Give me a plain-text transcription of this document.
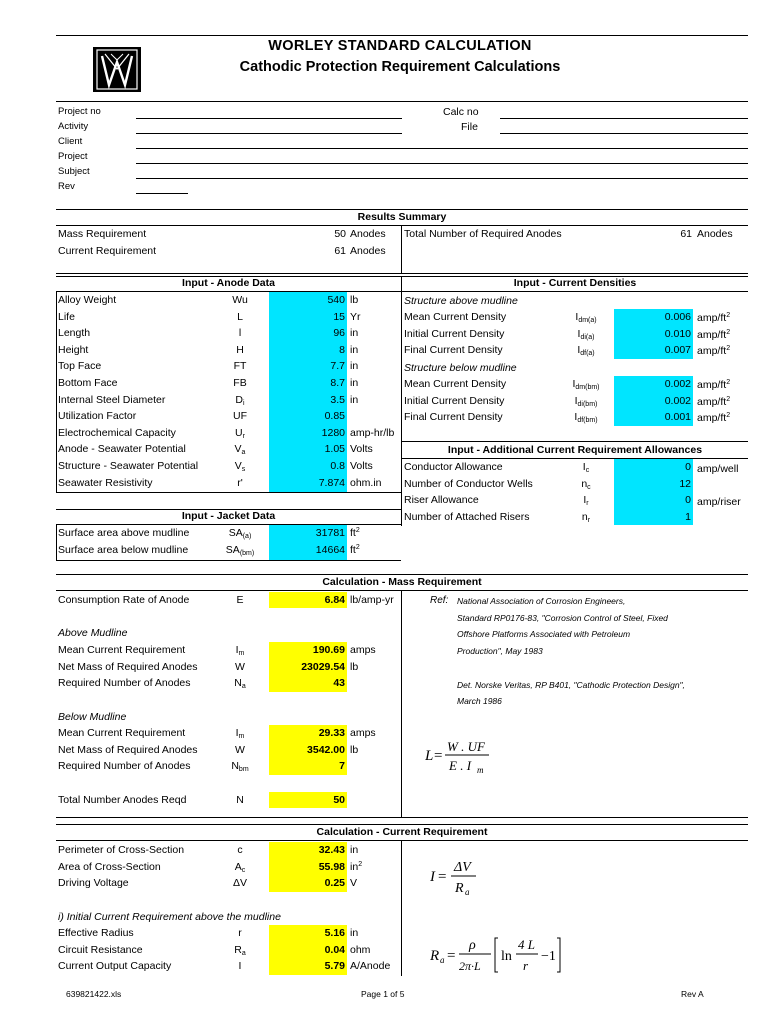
WORLEY STANDARD CALCULATION
Cathodic Protection Requirement Calculations
Project no
Activity
Client
Project
Subject
Rev
Calc no
File
Results Summary
Mass Requirement	50 Anodes
Current Requirement	61 Anodes
Total Number of Required Anodes	61 Anodes
Input - Anode Data	Input - Current Densities
Alloy Weight	Wu	540 lb
Life	L	15 Yr
Length	l	96 in
Height	H	8 in
Top Face	FT	7.7 in
Bottom Face	FB	8.7 in
Internal Steel Diameter	$D_i$	3.5 in
Utilization Factor	UF	0.85
Electrochemical Capacity	$U_r$	1280 amp-hr/lb
Anode - Seawater Potential	$V_a$	1.05 Volts
Structure - Seawater Potential	$V_s$	0.8 Volts
Seawater Resistivity	r'	7.874 ohm.in
Structure above mudline
Structure below mudline
Mean Current Density	$I_{dm(a)}$	0.006 amp/$ft^2$
Initial Current Density	$I_{di(a)}$	0.010 amp/$ft^2$
Final Current Density	$I_{df(a)}$	0.007 amp/$ft^2$
Mean Current Density	$I_{dm(bm)}$	0.002 amp/$ft^2$
Initial Current Density	$I_{di(bm)}$	0.002 amp/$ft^2$
Final Current Density	$I_{df(bm)}$	0.001 amp/$ft^2$
Input - Additional Current Requirement Allowances
Conductor Allowance	$I_c$	0 amp/well
Number of Conductor Wells	$n_c$	12
Riser Allowance	$I_r$	0 amp/riser
Number of Attached Risers	$n_r$	1
Input - Jacket Data
Surface area above mudline	$SA_{(a)}$	31781 $ft^2$
Surface area below mudline	$SA_{(bm)}$	14664 $ft^2$
Calculation - Mass Requirement
Consumption Rate of Anode	E	6.84 lb/amp-yr
Mean Current Requirement	$I_m$	190.69 amps
Net Mass of Required Anodes	W	23029.54 lb
Required Number of Anodes	$N_a$	43
Mean Current Requirement	$I_m$	29.33 amps
Net Mass of Required Anodes	W	3542.00 lb
Required Number of Anodes	$N_{bm}$	7
Total Number Anodes Reqd	N	50
Above Mudline
Below Mudline
Ref: National Association of Corrosion Engineers,
Standard RP0176-83, "Corrosion Control of Steel, Fixed
Offshore Platforms Associated with Petroleum
Production", May 1983
Det. Norske Veritas, RP B401, "Cathodic Protection Design",
March 1986
L =
W . UF
E . I m
Calculation - Current Requirement
Perimeter of Cross-Section	c	32.43 in
Area of Cross-Section	$A_c$	55.98 $in^2$
Driving Voltage	ΔV	0.25 V
Effective Radius	r	5.16 in
Circuit Resistance	$R_a$	0.04 ohm
Current Output Capacity	I	5.79 A/Anode
i) Initial Current Requirement above the mudline
I =
ΔV
R a
R a =
ρ
2π·L
ln
4 L
r
−1
639821422.xls	Page 1 of 5	Rev A
